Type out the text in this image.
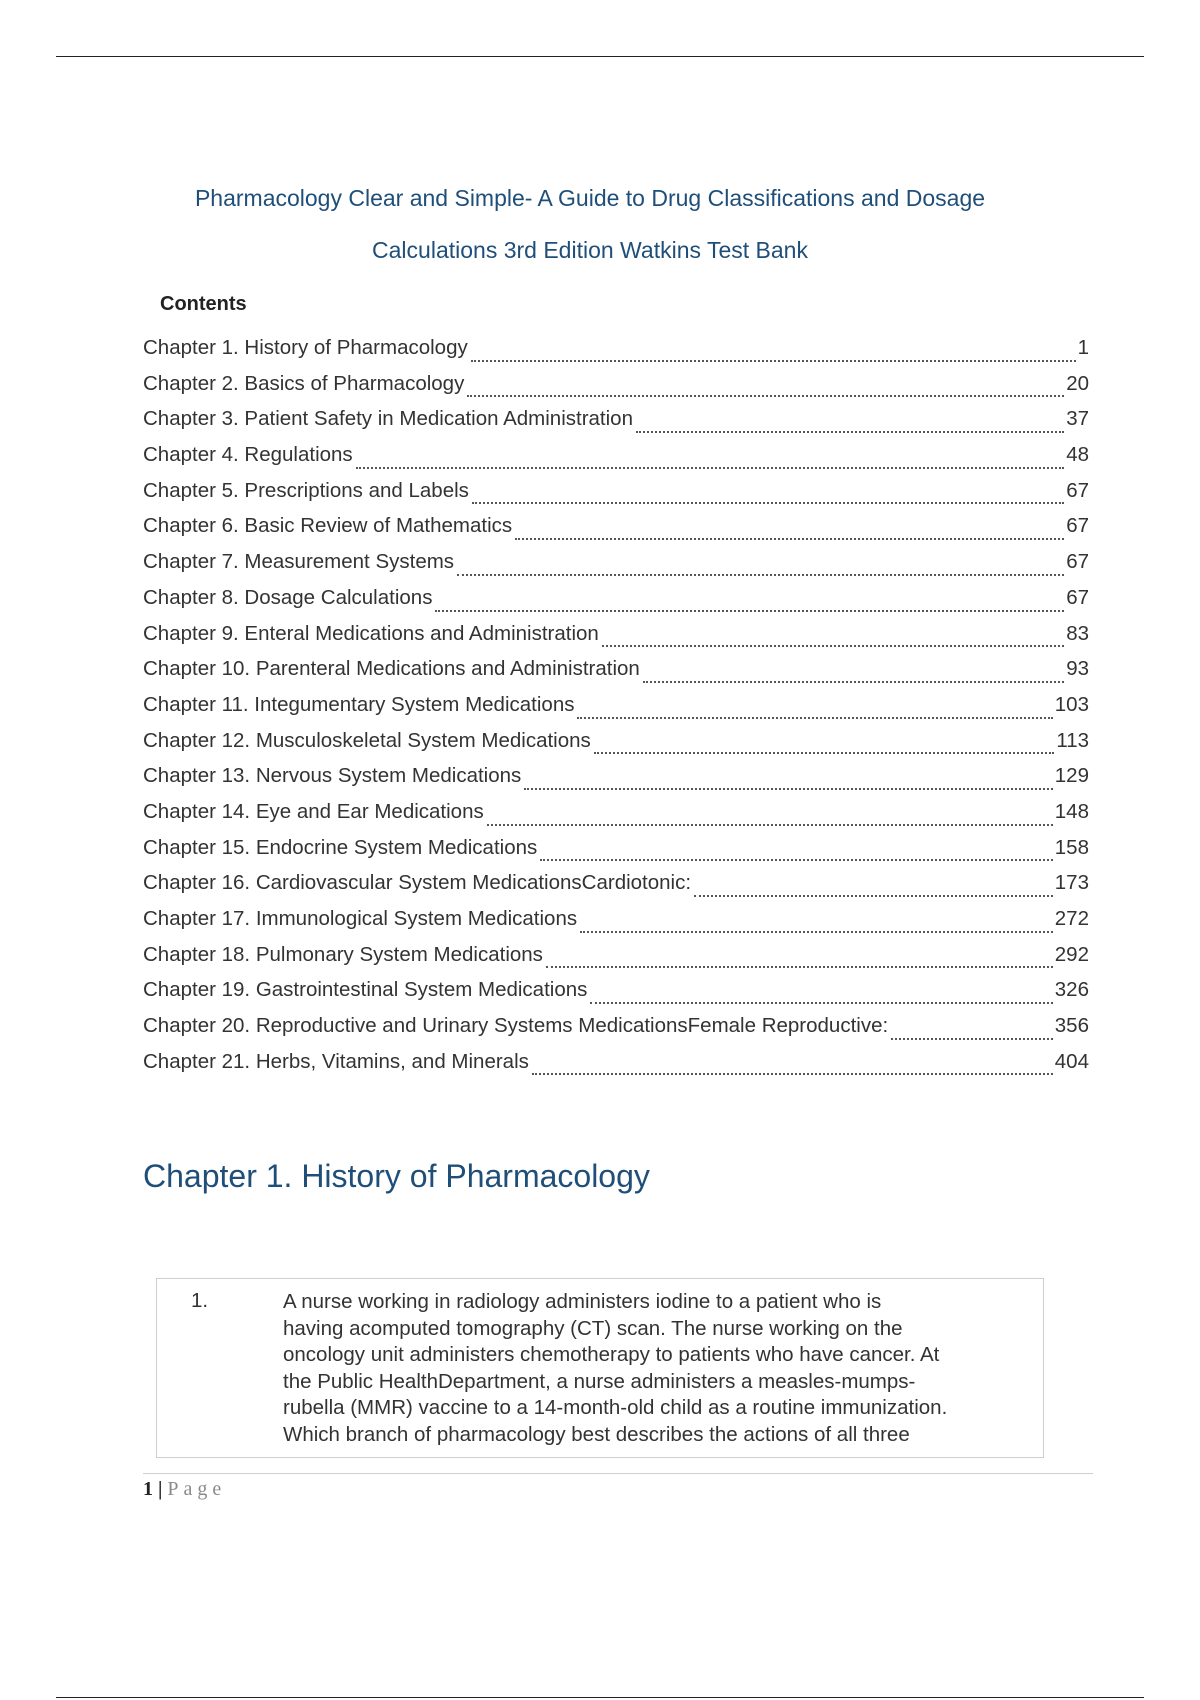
Pharmacology Clear and Simple- A Guide to Drug Classifications and Dosage
Calculations 3rd Edition Watkins Test Bank
Contents
Chapter 1. History of Pharmacology	1
Chapter 2. Basics of Pharmacology	20
Chapter 3. Patient Safety in Medication Administration	37
Chapter 4. Regulations	48
Chapter 5. Prescriptions and Labels	67
Chapter 6. Basic Review of Mathematics	67
Chapter 7. Measurement Systems	67
Chapter 8. Dosage Calculations	67
Chapter 9. Enteral Medications and Administration	83
Chapter 10. Parenteral Medications and Administration	93
Chapter 11. Integumentary System Medications	103
Chapter 12. Musculoskeletal System Medications	113
Chapter 13. Nervous System Medications	129
Chapter 14. Eye and Ear Medications	148
Chapter 15. Endocrine System Medications	158
Chapter 16. Cardiovascular System MedicationsCardiotonic:	173
Chapter 17. Immunological System Medications	272
Chapter 18. Pulmonary System Medications	292
Chapter 19. Gastrointestinal System Medications	326
Chapter 20. Reproductive and Urinary Systems MedicationsFemale Reproductive:	356
Chapter 21. Herbs, Vitamins, and Minerals	404
Chapter 1. History of Pharmacology
1.	A nurse working in radiology administers iodine to a patient who is
having acomputed tomography (CT) scan. The nurse working on the
oncology unit administers chemotherapy to patients who have cancer. At
the Public HealthDepartment, a nurse administers a measles-mumps-
rubella (MMR) vaccine to a 14-month-old child as a routine immunization.
Which branch of pharmacology best describes the actions of all three
1 | Page
